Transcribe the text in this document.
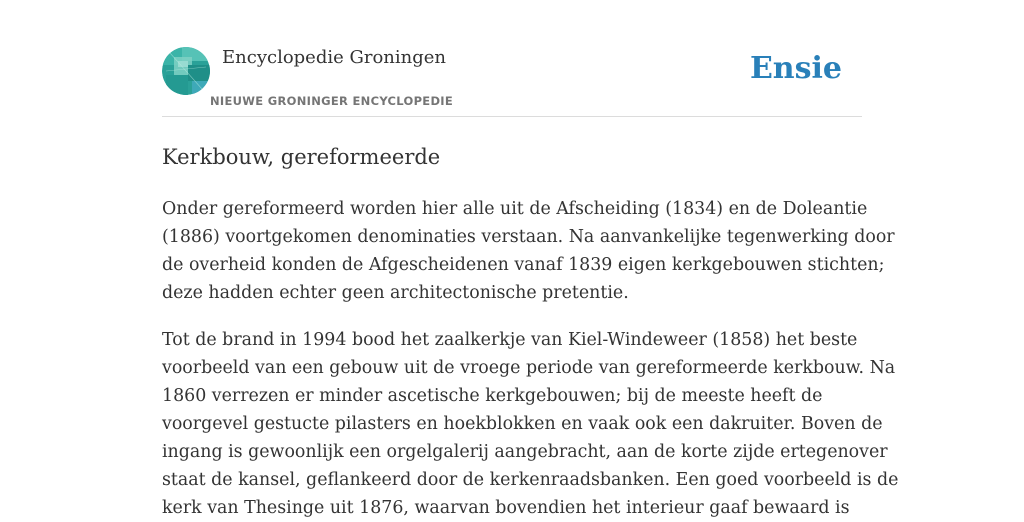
Encyclopedie Groningen
NIEUWE GRONINGER ENCYCLOPEDIE
Ensie
Kerkbouw, gereformeerde

Onder gereformeerd worden hier alle uit de Afscheiding (1834) en de Doleantie
(1886) voortgekomen denominaties verstaan. Na aanvankelijke tegenwerking door
de overheid konden de Afgescheidenen vanaf 1839 eigen kerkgebouwen stichten;
deze hadden echter geen architectonische pretentie.

Tot de brand in 1994 bood het zaalkerkje van Kiel-Windeweer (1858) het beste
voorbeeld van een gebouw uit de vroege periode van gereformeerde kerkbouw. Na
1860 verrezen er minder ascetische kerkgebouwen; bij de meeste heeft de
voorgevel gestucte pilasters en hoekblokken en vaak ook een dakruiter. Boven de
ingang is gewoonlijk een orgelgalerij aangebracht, aan de korte zijde ertegenover
staat de kansel, geflankeerd door de kerkenraadsbanken. Een goed voorbeeld is de
kerk van Thesinge uit 1876, waarvan bovendien het interieur gaaf bewaard is
